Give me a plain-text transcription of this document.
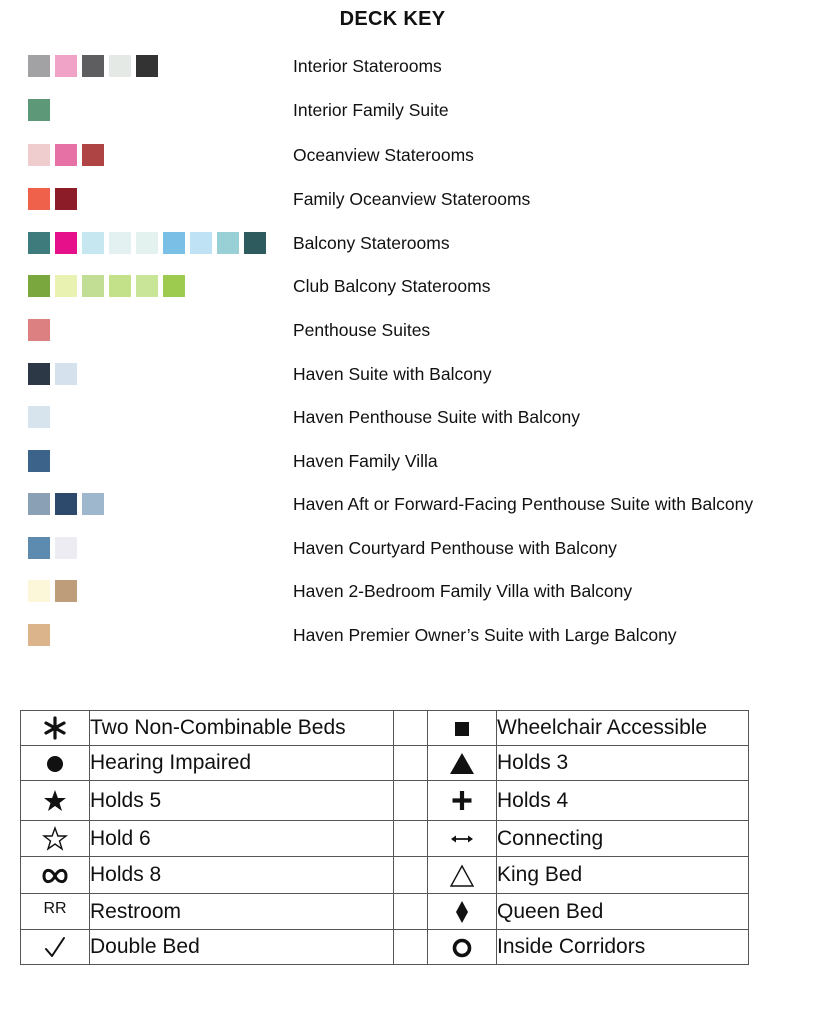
DECK KEY
Interior Staterooms
Interior Family Suite
Oceanview Staterooms
Family Oceanview Staterooms
Balcony Staterooms
Club Balcony Staterooms
Penthouse Suites
Haven Suite with Balcony
Haven Penthouse Suite with Balcony
Haven Family Villa
Haven Aft or Forward-Facing Penthouse Suite with Balcony
Haven Courtyard Penthouse with Balcony
Haven 2-Bedroom Family Villa with Balcony
Haven Premier Owner’s Suite with Large Balcony
	Two Non-Combinable Beds			Wheelchair Accessible
	Hearing Impaired			Holds 3
	Holds 5			Holds 4
	Hold 6			Connecting
	Holds 8			King Bed
RR	Restroom			Queen Bed
	Double Bed			Inside Corridors
